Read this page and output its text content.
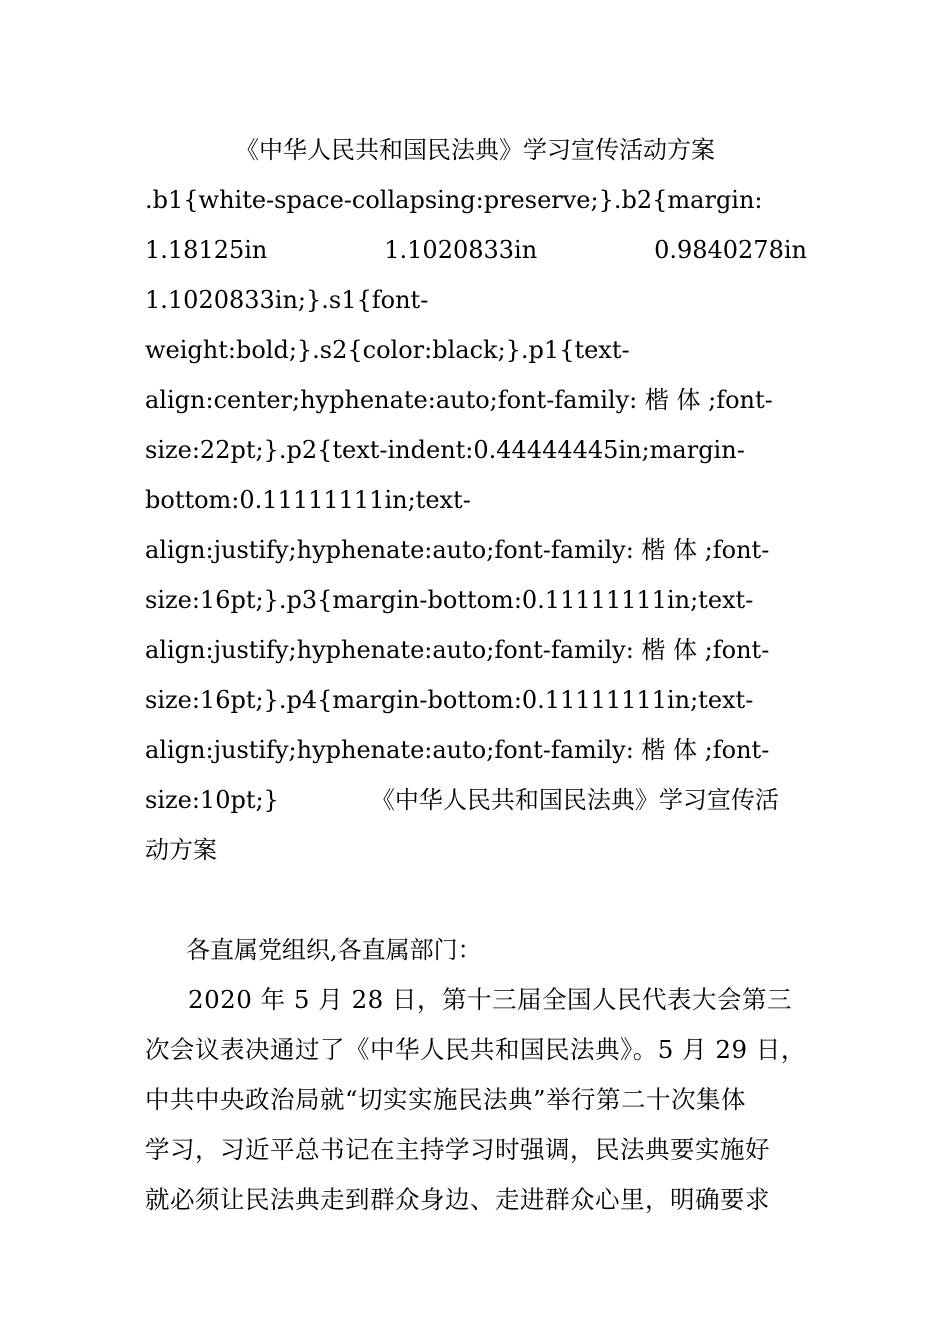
《中华人民共和国民法典》学习宣传活动方案
.b1{white-space-collapsing:preserve;}.b2{margin:
1.18125in	1.1020833in	0.9840278in
1.1020833in;}.s1{font-
weight:bold;}.s2{color:black;}.p1{text-
align:center;hyphenate:auto;font-family: 楷 体 ;font-
size:22pt;}.p2{text-indent:0.44444445in;margin-
bottom:0.11111111in;text-
align:justify;hyphenate:auto;font-family: 楷 体 ;font-
size:16pt;}.p3{margin-bottom:0.11111111in;text-
align:justify;hyphenate:auto;font-family: 楷 体 ;font-
size:16pt;}.p4{margin-bottom:0.11111111in;text-
align:justify;hyphenate:auto;font-family: 楷 体 ;font-
size:10pt;}	《中华人民共和国民法典》学习宣传活
动方案
各直属党组织,各直属部门：
2020 年 5 月 28 日，第十三届全国人民代表大会第三
次会议表决通过了《中华人民共和国民法典》。5 月 29 日，
中共中央政治局就“切实实施民法典”举行第二十次集体
学习，习近平总书记在主持学习时强调，民法典要实施好
就必须让民法典走到群众身边、走进群众心里，明确要求
